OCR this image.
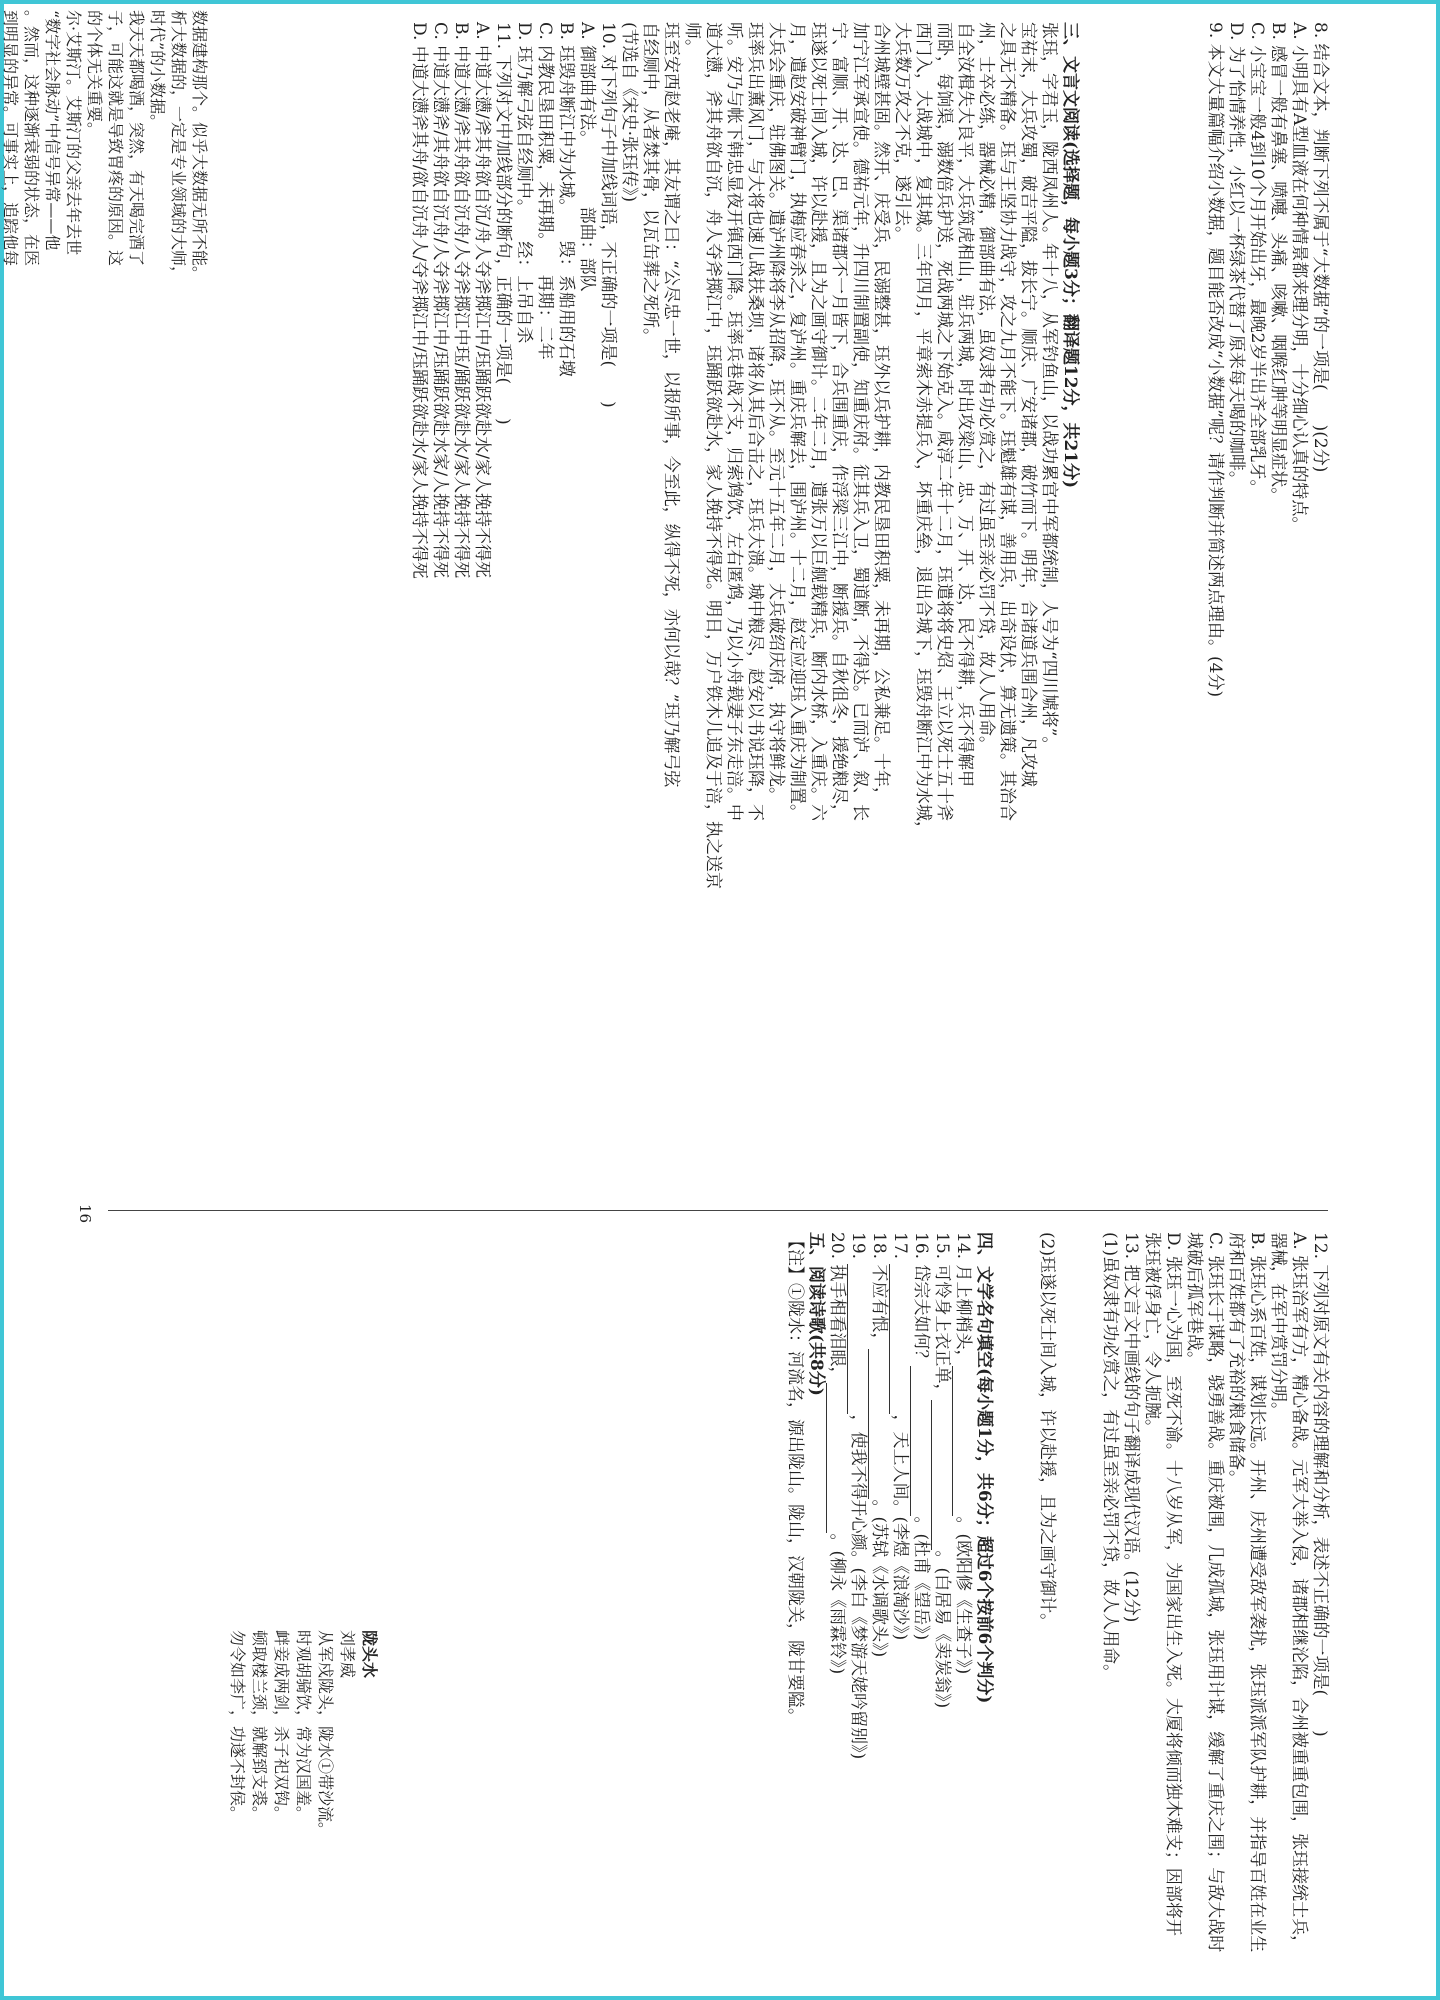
16
8. 结合文本，判断下列不属于“大数据”的一项是(　　)(2分)
A. 小明具有A型血液在何种情景都来理分明，十分细心认真的特点。
B. 感冒一般有鼻塞、喷嚏、头痛、咳嗽、咽喉红肿等明显症状。
C. 小宝宝一般4到10个月开始出牙，最晚2岁半出齐全部乳牙。
D. 为了怡情养性，小红以一杯绿茶代替了原来每天喝的咖啡。
9. 本文大量篇幅介绍小数据，题目能否改成“小数据”呢？请作判断并简述两点理由。(4分)
三、文言文阅读(选择题，每小题3分；翻译题12分，共21分)
张珏，字君玉，陇西凤州人。年十八，从军钓鱼山，以战功累官中军都统制，人号为“四川虓将”。
宝祐末，大兵攻蜀，破吉平隘，拔长宁。顺庆、广安诸郡，破竹而下。明年，合诸道兵围合州，凡攻城
之具无不精备。珏与王坚协力战守，攻之九月不能下。珏魁雄有谋，善用兵，出奇设伏，算无遗策。其治合
州，士卒必练，器械必精，御部曲有法，虽奴隶有功必赏之，有过虽至亲必罚不贷，故人人用命。
自全汝楫失大良平，大兵筑虎相山，驻兵两城，时出攻梁山、忠、万、开、达，民不得耕，兵不得解甲
而卧，每饷渠，溺数倍兵护送，死战两城之下始克入。咸淳二年十二月，珏遣将将史炤、王立以死士五十斧
西门入，大战城中，复其城。三年四月，平章索木赤提兵入，坏重庆垒，退出合城下，珏毁舟断江中为水城，
大兵数万攻之不克，遂引去。
合州城壁甚固。然开、庆受兵，民溺整甚，珏外以兵护耕，内教民垦田积粟，未再期，公私兼足。十年，
加宁江军承宣使。德祐元年，升四川制置副使，知重庆府。征其兵入卫，蜀道断，不得达。已而泸、叙、长
宁、富顺、开、达、巴、渠诸郡不一月皆下，合兵围重庆，作浮梁三江中，断援兵。自秋徂冬，援绝粮尽，
珏遂以死士间入城，许以赴援，且为之画守御计。二年二月，遣张万以巨舰载精兵，断内水桥，入重庆。六
月，遣赵安破神臂门，执梅应春杀之，复泸州。重庆兵解去，围泸州。十二月，赵定应迎珏入重庆为制置。
大兵会重庆，驻佛图关。遣泸州降将李从招降，珏不从。至元十五年二月，大兵破绍庆府，执守将鲜龙。
珏率兵出薰风门，与大将也速儿战扶桑坝，诸将从其后合击之，珏兵大溃。城中粮尽，赵安以书说珏降，不
听。安乃与帐下韩忠显夜开镇西门降。珏率兵巷战不支，归索鸩饮，左右匿鸩，乃以小舟载妻子东走涪。中
道大懑，斧其舟欲自沉，舟人夺斧掷江中，珏踊跃欲赴水，家人挽持不得死。明日，万户铁木儿追及于涪，执之送京
师。
珏至安西赵老庵，其友谓之曰：“公尽忠一世，以报所事，今至此，纵得不死，亦何以哉？”珏乃解弓弦
自经厕中，从者焚其骨，以瓦缶葬之死所。
(节选自《宋史·张珏传》)
10. 对下列句子中加线词语，不正确的一项是(　　)
A. 御部曲有法。　　　　部曲：部队
B. 珏毁舟断江中为水城。　　毁：系船用的石墩
C. 内教民垦田积粟，未再期。　　再期：二年
D. 珏乃解弓弦自经厕中。　　经：上吊自杀
11. 下列对文中加线部分的断句，正确的一项是(　　)
A. 中道大懑/斧其舟欲自沉/舟人夺斧掷江中/珏踊跃欲赴水/家人挽持不得死
B. 中道大懑/斧其舟欲自沉舟/人夺斧掷江中珏/踊跃欲赴水/家人挽持不得死
C. 中道大懑斧/其舟欲自沉舟/人夺斧掷江中/珏踊跃欲赴水家/人挽持不得死
D. 中道大懑斧其舟/欲自沉舟人/夺斧掷江中/珏踊跃欲赴水/家人挽持不得死
数据建构那个。似乎大数据无所不能。
析大数据的，一定是专业领域的大师，
时代”的小数据。
我天天都喝酒，突然，有天喝完酒了
子，可能这就是导致胃疼的原因。这
的个体无关重要。
尔·艾斯汀。艾斯汀的父亲去年去世
“数字社会脉动”中信号异常——他
。然而，这种逐渐衰弱的状态，在医
到明显的异常。可事实上，追踪他每
12. 下列对原文有关内容的理解和分析，表述不正确的一项是(　　)
A. 张珏治军有方，精心备战。元军大举入侵，诸郡相继沦陷，合州被重重包围，张珏接统士兵，
器械，在军中赏罚分明。
B. 张珏心系百姓，谋划长远。开州、庆州遭受敌军袭扰，张珏派派军队护耕，并指导百姓在业生
府和百姓都有了充裕的粮食储备。
C. 张珏长于谋略，骁勇善战。重庆被围，几成孤城，张珏用计谋，缓解了重庆之围；与敌大战时
城破后孤军巷战。
D. 张珏一心为国，至死不渝。十八岁从军，为国家出生入死。大厦将倾而独木难支；因部将开
张珏被俘身亡，令人扼腕。
13. 把文言文中画线的句子翻译成现代汉语。(12分)
(1)虽奴隶有功必赏之，有过虽至亲必罚不贷，故人人用命。

(2)珏遂以死士间入城，许以赴援，且为之画守御计。

四、文学名句填空(每小题1分，共6分；超过6个按前6个判分)
14. 月上柳梢头，。(欧阳修《生查子》)
15. 可怜身上衣正单，。(白居易《卖炭翁》)
16. 岱宗夫如何？。(杜甫《望岳》)
17. ，天上人间。(李煜《浪淘沙》)
18. 不应有恨，。(苏轼《水调歌头》)
19. ，使我不得开心颜。(李白《梦游天姥吟留别》)
20. 执手相看泪眼，。(柳永《雨霖铃》)
五、阅读诗歌(共8分)
【注】①陇水：河流名，源出陇山。陇山，汉朝陇关，陇甘要隘。
陇头水
刘孝威
从军戍陇头，陇水①带沙流。
时观胡骑饮，常为汉国羞。
衅妾成两剑，杀子祀双钩。
顿取楼兰颈，就解郅支裘。
勿令如李广，功遂不封侯。
